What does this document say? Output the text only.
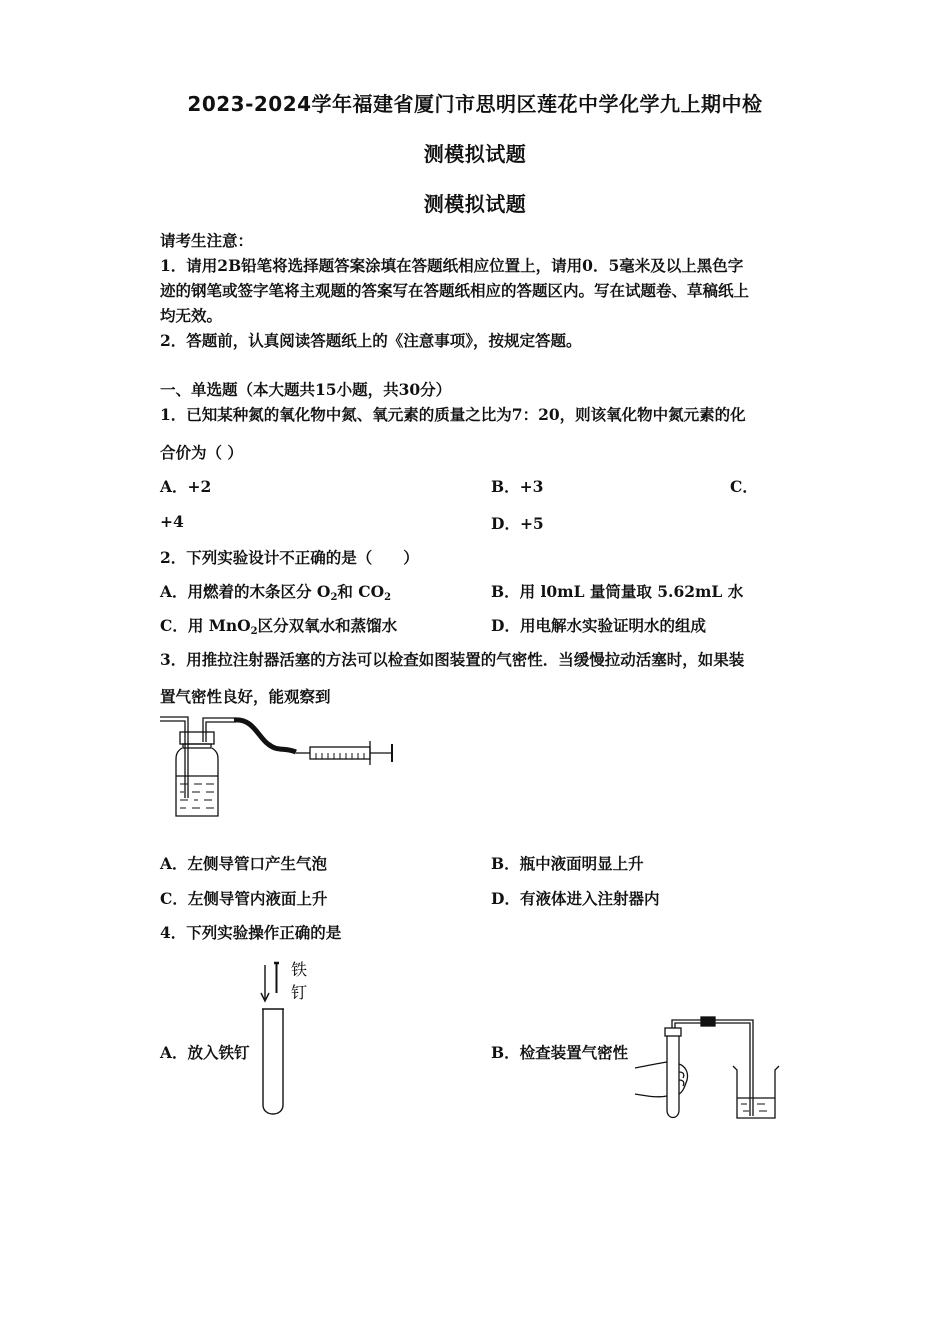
2023-2024学年福建省厦门市思明区莲花中学化学九上期中检
测模拟试题
测模拟试题
请考生注意：
1．请用2B铅笔将选择题答案涂填在答题纸相应位置上，请用0．5毫米及以上黑色字
迹的钢笔或签字笔将主观题的答案写在答题纸相应的答题区内。写在试题卷、草稿纸上
均无效。
2．答题前，认真阅读答题纸上的《注意事项》，按规定答题。
一、单选题（本大题共15小题，共30分）
1．已知某种氮的氧化物中氮、氧元素的质量之比为7：20，则该氧化物中氮元素的化
合价为（ ）
A．+2	B．+3	C．
+4	D．+5
2．下列实验设计不正确的是（　　）
A．用燃着的木条区分 $O_2$和 $CO_2$	B．用 l0mL 量筒量取 5.62mL 水
C．用 MnO$_2$区分双氧水和蒸馏水	D．用电解水实验证明水的组成
3．用推拉注射器活塞的方法可以检查如图装置的气密性．当缓慢拉动活塞时，如果装
置气密性良好，能观察到
A．左侧导管口产生气泡	B．瓶中液面明显上升
C．左侧导管内液面上升	D．有液体进入注射器内
4．下列实验操作正确的是
铁
钉
A．放入铁钉	B．检查装置气密性
